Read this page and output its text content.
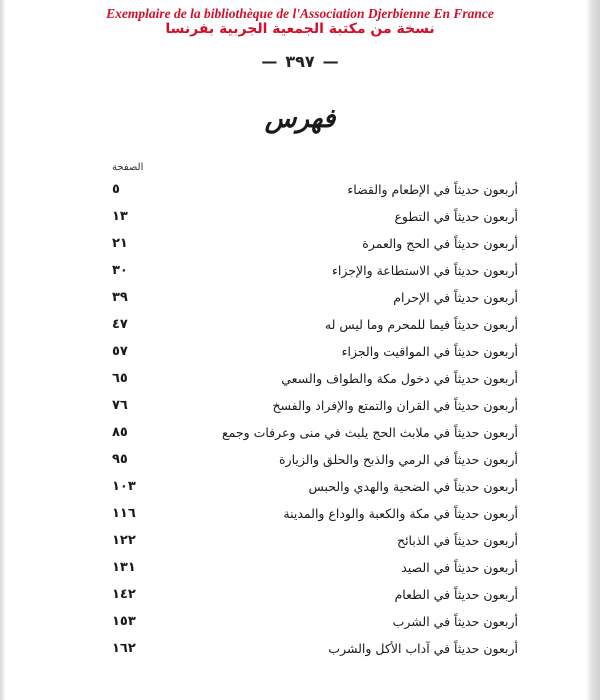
Exemplaire de la bibliothèque de l'Association Djerbienne En France
نسخة من مكتبة الجمعية الجربية بفرنسا
— ٣٩٧ —
فهرس
الصفحة
أربعون حديثاً في الإطعام والقضاء
٥
أربعون حديثاً في التطوع
١٣
أربعون حديثاً في الحج والعمرة
٢١
أربعون حديثاً في الاستطاعة والإجزاء
٣٠
أربعون حديثاً في الإحرام
٣٩
أربعون حديثاً فيما للمحرم وما ليس له
٤٧
أربعون حديثاً في المواقيت والجزاء
٥٧
أربعون حديثاً في دخول مكة والطواف والسعي
٦٥
أربعون حديثاً في القران والتمتع والإفراد والفسخ
٧٦
أربعون حديثاً في ملابث الحج يلبث في منى وعرفات وجمع
٨٥
أربعون حديثاً في الرمي والذبح والحلق والزيارة
٩٥
أربعون حديثاً في الضحية والهدي والحبس
١٠٣
أربعون حديثاً في مكة والكعبة والوداع والمدينة
١١٦
أربعون حديثاً في الذبائح
١٢٢
أربعون حديثاً في الصيد
١٣١
أربعون حديثاً في الطعام
١٤٢
أربعون حديثاً في الشرب
١٥٣
أربعون حديثاً في آداب الأكل والشرب
١٦٢
